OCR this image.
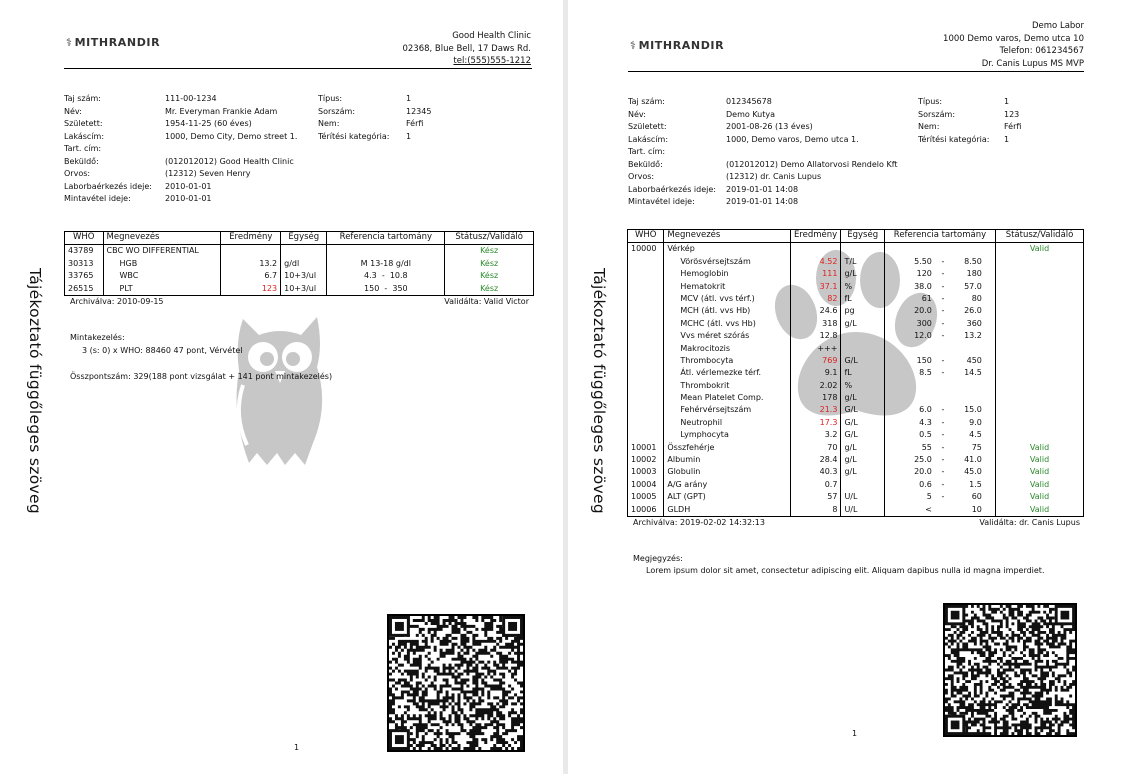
Tájékoztató függőleges szöveg
⚕ MITHRANDIR	Good Health Clinic
02368, Blue Bell, 17 Daws Rd.
tel:(555)555-1212
Taj szám:	111-00-1234	Típus:	1
Név:	Mr. Everyman Frankie Adam	Sorszám:	12345
Született:	1954-11-25 (60 éves)	Nem:	Férfi
Lakáscím:	1000, Demo City, Demo street 1.	Térítési kategória: 1
Tart. cím:
Beküldő:	(012012012) Good Health Clinic
Orvos:	(12312) Seven Henry
Laborbaérkezés ideje: 2010-01-01
Mintavétel ideje:	2010-01-01
WHO	Megnevezés	Eredmény	Egység	Referencia tartomány	Státusz/Validáló
43789	CBC WO DIFFERENTIAL				Kész
30313	HGB	13.2	g/dl	M 13-18 g/dl	Kész
33765	WBC	6.7	10+3/ul	4.3  -  10.8	Kész
26515	PLT	123	10+3/ul	150  -  350	Kész
Archiválva: 2010-09-15	Validálta: Valid Victor
Mintakezelés:
3 (s: 0) x WHO: 88460 47 pont, Vérvétel
Összpontszám: 329(188 pont vizsgálat + 141 pont mintakezelés)
1
Tájékoztató függőleges szöveg
⚕ MITHRANDIR
Demo Labor
1000 Demo varos, Demo utca 10
Telefon: 061234567
Dr. Canis Lupus MS MVP
Taj szám:	012345678	Típus:	1
Név:	Demo Kutya	Sorszám:	123
Született:	2001-08-26 (13 éves)	Nem:	Férfi
Lakáscím:	1000, Demo varos, Demo utca 1.	Térítési kategória: 1
Tart. cím:
Beküldő:	(012012012) Demo Allatorvosi Rendelo Kft
Orvos:	(12312) dr. Canis Lupus
Laborbaérkezés ideje: 2019-01-01 14:08
Mintavétel ideje:	2019-01-01 14:08
WHO	Megnevezés	Eredmény	Egység	Referencia tartomány	Státusz/Validáló
10000	Vérkép				Valid
	Vörösvérsejtszám	4.52	T/L	5.50 - 8.50	
	Hemoglobin	111	g/L	120 - 180	
	Hematokrit	37.1	%	38.0 - 57.0	
	MCV (átl. vvs térf.)	82	fL	61 - 80	
	MCH (átl. vvs Hb)	24.6	pg	20.0 - 26.0	
	MCHC (átl. vvs Hb)	318	g/L	300 - 360	
	Vvs méret szórás	12.8		12.0 - 13.2	
	Makrocitozis	+++			
	Thrombocyta	769	G/L	150 - 450	
	Átl. vérlemezke térf.	9.1	fL	8.5 - 14.5	
	Thrombokrit	2.02	%		
	Mean Platelet Comp.	178	g/L		
	Fehérvérsejtszám	21.3	G/L	6.0 - 15.0	
	Neutrophil	17.3	G/L	4.3 - 9.0	
	Lymphocyta	3.2	G/L	0.5 - 4.5	
10001	Összfehérje	70	g/L	55 - 75	Valid
10002	Albumin	28.4	g/L	25.0 - 41.0	Valid
10003	Globulin	40.3	g/L	20.0 - 45.0	Valid
10004	A/G arány	0.7		0.6 - 1.5	Valid
10005	ALT (GPT)	57	U/L	5 - 60	Valid
10006	GLDH	8	U/L	< 10	Valid
Archiválva: 2019-02-02 14:32:13	Validálta: dr. Canis Lupus
Megjegyzés:
Lorem ipsum dolor sit amet, consectetur adipiscing elit. Aliquam dapibus nulla id magna imperdiet.
1
